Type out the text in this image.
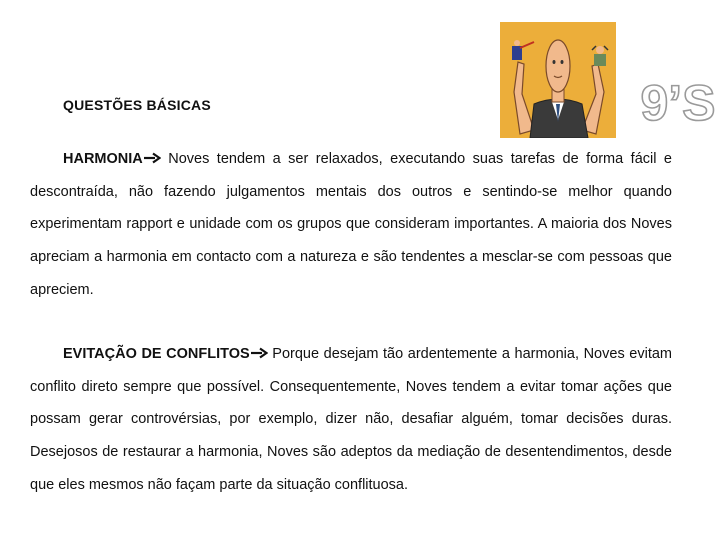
QUESTÕES BÁSICAS	9’S

HARMONIA Noves tendem a ser relaxados, executando suas tarefas de forma fácil e descontraída, não fazendo julgamentos mentais dos outros e sentindo-se melhor quando experimentam rapport e unidade com os grupos que consideram importantes. A maioria dos Noves apreciam a harmonia em contacto com a natureza e são tendentes a mesclar-se com pessoas que apreciem.

EVITAÇÃO DE CONFLITOS Porque desejam tão ardentemente a harmonia, Noves evitam conflito direto sempre que possível. Consequentemente, Noves tendem a evitar tomar ações que possam gerar controvérsias, por exemplo, dizer não, desafiar alguém, tomar decisões duras. Desejosos de restaurar a harmonia, Noves são adeptos da mediação de desentendimentos, desde que eles mesmos não façam parte da situação conflituosa.
